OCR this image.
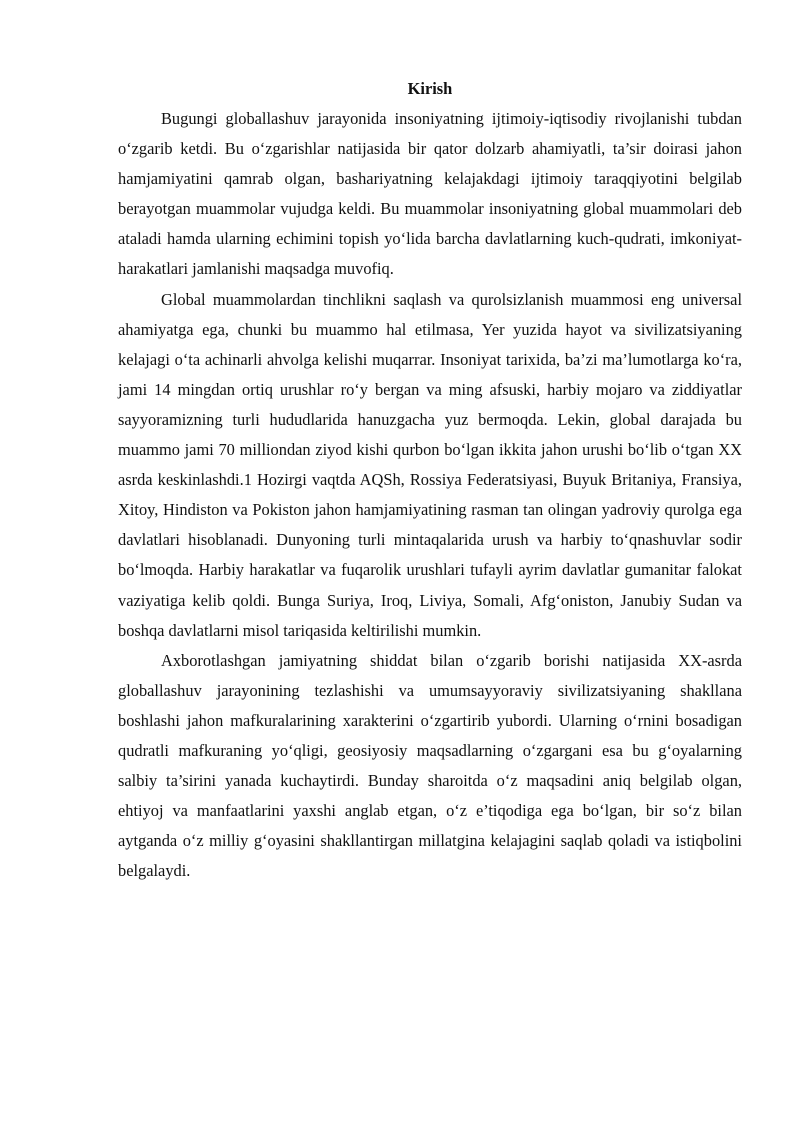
Kirish

Bugungi globallashuv jarayonida insoniyatning ijtimoiy-iqtisodiy rivojlanishi tubdan o‘zgarib ketdi. Bu o‘zgarishlar natijasida bir qator dolzarb ahamiyatli, ta’sir doirasi jahon hamjamiyatini qamrab olgan, bashariyatning kelajakdagi ijtimoiy taraqqiyotini belgilab berayotgan muammolar vujudga keldi. Bu muammolar insoniyatning global muammolari deb ataladi hamda ularning echimini topish yo‘lida barcha davlatlarning kuch-qudrati, imkoniyat-harakatlari jamlanishi maqsadga muvofiq.

Global muammolardan tinchlikni saqlash va qurolsizlanish muammosi eng universal ahamiyatga ega, chunki bu muammo hal etilmasa, Yer yuzida hayot va sivilizatsiyaning kelajagi o‘ta achinarli ahvolga kelishi muqarrar. Insoniyat tarixida, ba’zi ma’lumotlarga ko‘ra, jami 14 mingdan ortiq urushlar ro‘y bergan va ming afsuski, harbiy mojaro va ziddiyatlar sayyoramizning turli hududlarida hanuzgacha yuz bermoqda. Lekin, global darajada bu muammo jami 70 milliondan ziyod kishi qurbon bo‘lgan ikkita jahon urushi bo‘lib o‘tgan XX asrda keskinlashdi.1 Hozirgi vaqtda AQSh, Rossiya Federatsiyasi, Buyuk Britaniya, Fransiya, Xitoy, Hindiston va Pokiston jahon hamjamiyatining rasman tan olingan yadroviy qurolga ega davlatlari hisoblanadi. Dunyoning turli mintaqalarida urush va harbiy to‘qnashuvlar sodir bo‘lmoqda. Harbiy harakatlar va fuqarolik urushlari tufayli ayrim davlatlar gumanitar falokat vaziyatiga kelib qoldi. Bunga Suriya, Iroq, Liviya, Somali, Afg‘oniston, Janubiy Sudan va boshqa davlatlarni misol tariqasida keltirilishi mumkin.

Axborotlashgan jamiyatning shiddat bilan o‘zgarib borishi natijasida XX-asrda globallashuv jarayonining tezlashishi va umumsayyoraviy sivilizatsiyaning shakllana boshlashi jahon mafkuralarining xarakterini o‘zgartirib yubordi. Ularning o‘rnini bosadigan qudratli mafkuraning yo‘qligi, geosiyosiy maqsadlarning o‘zgargani esa bu g‘oyalarning salbiy ta’sirini yanada kuchaytirdi. Bunday sharoitda o‘z maqsadini aniq belgilab olgan, ehtiyoj va manfaatlarini yaxshi anglab etgan, o‘z e’tiqodiga ega bo‘lgan, bir so‘z bilan aytganda o‘z milliy g‘oyasini shakllantirgan millatgina kelajagini saqlab qoladi va istiqbolini belgalaydi.
